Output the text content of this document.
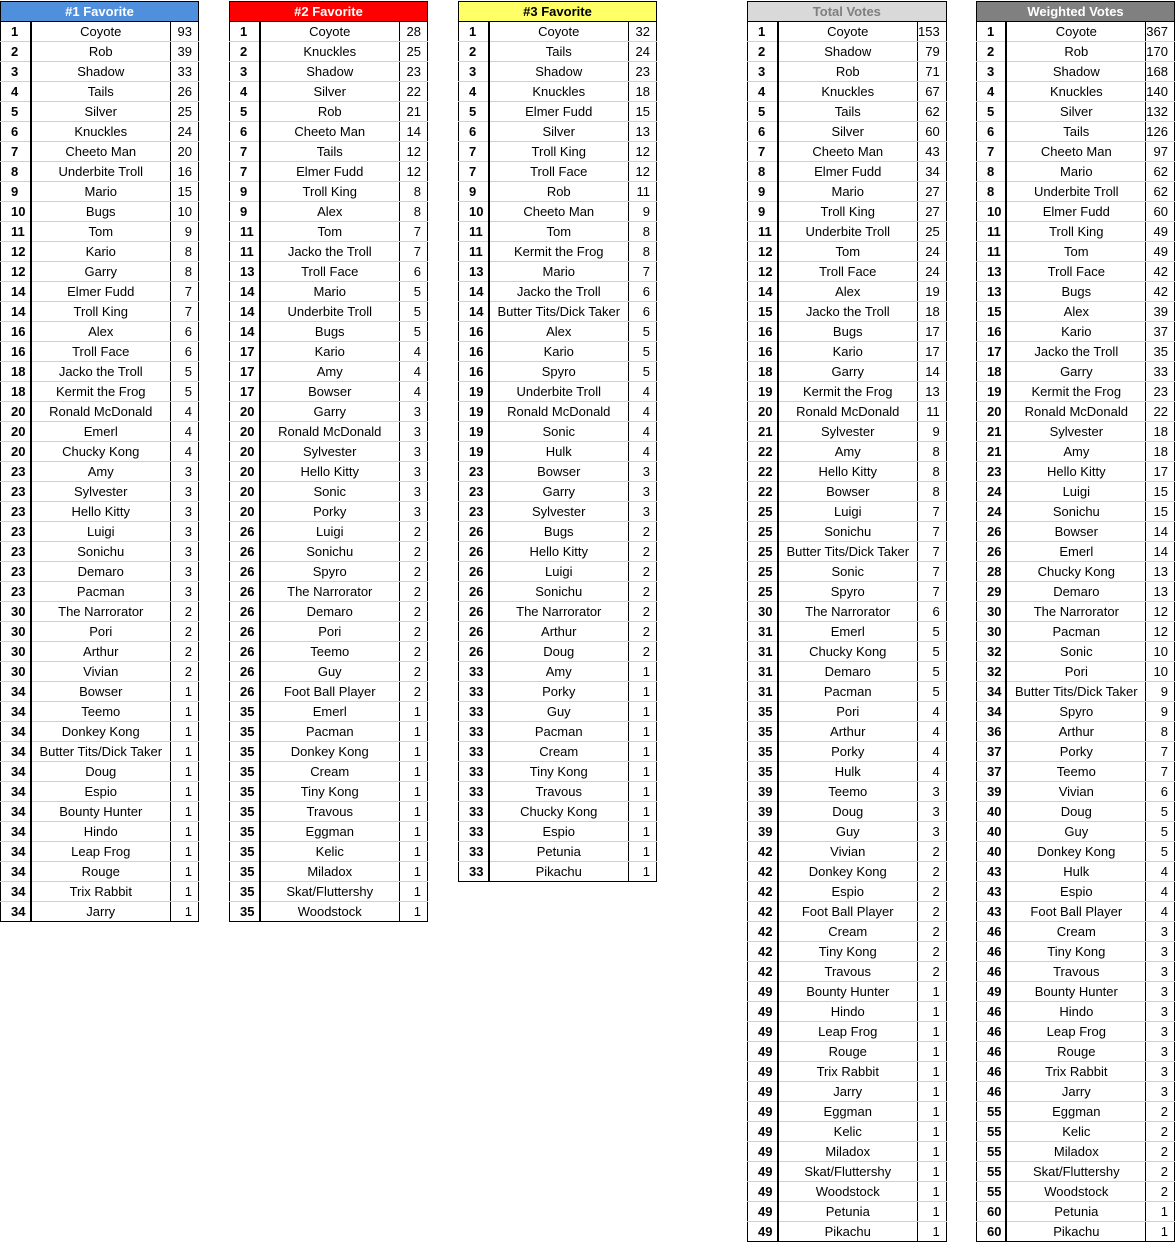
#1 Favorite		
1	Coyote	93
2	Rob	39
3	Shadow	33
4	Tails	26
5	Silver	25
6	Knuckles	24
7	Cheeto Man	20
8	Underbite Troll	16
9	Mario	15
10	Bugs	10
11	Tom	9
12	Kario	8
12	Garry	8
14	Elmer Fudd	7
14	Troll King	7
16	Alex	6
16	Troll Face	6
18	Jacko the Troll	5
18	Kermit the Frog	5
20	Ronald McDonald	4
20	Emerl	4
20	Chucky Kong	4
23	Amy	3
23	Sylvester	3
23	Hello Kitty	3
23	Luigi	3
23	Sonichu	3
23	Demaro	3
23	Pacman	3
30	The Narrorator	2
30	Pori	2
30	Arthur	2
30	Vivian	2
34	Bowser	1
34	Teemo	1
34	Donkey Kong	1
34	Butter Tits/Dick Taker	1
34	Doug	1
34	Espio	1
34	Bounty Hunter	1
34	Hindo	1
34	Leap Frog	1
34	Rouge	1
34	Trix Rabbit	1
34	Jarry	1
#2 Favorite		
1	Coyote	28
2	Knuckles	25
3	Shadow	23
4	Silver	22
5	Rob	21
6	Cheeto Man	14
7	Tails	12
7	Elmer Fudd	12
9	Troll King	8
9	Alex	8
11	Tom	7
11	Jacko the Troll	7
13	Troll Face	6
14	Mario	5
14	Underbite Troll	5
14	Bugs	5
17	Kario	4
17	Amy	4
17	Bowser	4
20	Garry	3
20	Ronald McDonald	3
20	Sylvester	3
20	Hello Kitty	3
20	Sonic	3
20	Porky	3
26	Luigi	2
26	Sonichu	2
26	Spyro	2
26	The Narrorator	2
26	Demaro	2
26	Pori	2
26	Teemo	2
26	Guy	2
26	Foot Ball Player	2
35	Emerl	1
35	Pacman	1
35	Donkey Kong	1
35	Cream	1
35	Tiny Kong	1
35	Travous	1
35	Eggman	1
35	Kelic	1
35	Miladox	1
35	Skat/Fluttershy	1
35	Woodstock	1
#3 Favorite		
1	Coyote	32
2	Tails	24
3	Shadow	23
4	Knuckles	18
5	Elmer Fudd	15
6	Silver	13
7	Troll King	12
7	Troll Face	12
9	Rob	11
10	Cheeto Man	9
11	Tom	8
11	Kermit the Frog	8
13	Mario	7
14	Jacko the Troll	6
14	Butter Tits/Dick Taker	6
16	Alex	5
16	Kario	5
16	Spyro	5
19	Underbite Troll	4
19	Ronald McDonald	4
19	Sonic	4
19	Hulk	4
23	Bowser	3
23	Garry	3
23	Sylvester	3
26	Bugs	2
26	Hello Kitty	2
26	Luigi	2
26	Sonichu	2
26	The Narrorator	2
26	Arthur	2
26	Doug	2
33	Amy	1
33	Porky	1
33	Guy	1
33	Pacman	1
33	Cream	1
33	Tiny Kong	1
33	Travous	1
33	Chucky Kong	1
33	Espio	1
33	Petunia	1
33	Pikachu	1
Total Votes		
1	Coyote	153
2	Shadow	79
3	Rob	71
4	Knuckles	67
5	Tails	62
6	Silver	60
7	Cheeto Man	43
8	Elmer Fudd	34
9	Mario	27
9	Troll King	27
11	Underbite Troll	25
12	Tom	24
12	Troll Face	24
14	Alex	19
15	Jacko the Troll	18
16	Bugs	17
16	Kario	17
18	Garry	14
19	Kermit the Frog	13
20	Ronald McDonald	11
21	Sylvester	9
22	Amy	8
22	Hello Kitty	8
22	Bowser	8
25	Luigi	7
25	Sonichu	7
25	Butter Tits/Dick Taker	7
25	Sonic	7
25	Spyro	7
30	The Narrorator	6
31	Emerl	5
31	Chucky Kong	5
31	Demaro	5
31	Pacman	5
35	Pori	4
35	Arthur	4
35	Porky	4
35	Hulk	4
39	Teemo	3
39	Doug	3
39	Guy	3
42	Vivian	2
42	Donkey Kong	2
42	Espio	2
42	Foot Ball Player	2
42	Cream	2
42	Tiny Kong	2
42	Travous	2
49	Bounty Hunter	1
49	Hindo	1
49	Leap Frog	1
49	Rouge	1
49	Trix Rabbit	1
49	Jarry	1
49	Eggman	1
49	Kelic	1
49	Miladox	1
49	Skat/Fluttershy	1
49	Woodstock	1
49	Petunia	1
49	Pikachu	1
Weighted Votes		
1	Coyote	367
2	Rob	170
3	Shadow	168
4	Knuckles	140
5	Silver	132
6	Tails	126
7	Cheeto Man	97
8	Mario	62
8	Underbite Troll	62
10	Elmer Fudd	60
11	Troll King	49
11	Tom	49
13	Troll Face	42
13	Bugs	42
15	Alex	39
16	Kario	37
17	Jacko the Troll	35
18	Garry	33
19	Kermit the Frog	23
20	Ronald McDonald	22
21	Sylvester	18
21	Amy	18
23	Hello Kitty	17
24	Luigi	15
24	Sonichu	15
26	Bowser	14
26	Emerl	14
28	Chucky Kong	13
29	Demaro	13
30	The Narrorator	12
30	Pacman	12
32	Sonic	10
32	Pori	10
34	Butter Tits/Dick Taker	9
34	Spyro	9
36	Arthur	8
37	Porky	7
37	Teemo	7
39	Vivian	6
40	Doug	5
40	Guy	5
40	Donkey Kong	5
43	Hulk	4
43	Espio	4
43	Foot Ball Player	4
46	Cream	3
46	Tiny Kong	3
46	Travous	3
49	Bounty Hunter	3
46	Hindo	3
46	Leap Frog	3
46	Rouge	3
46	Trix Rabbit	3
46	Jarry	3
55	Eggman	2
55	Kelic	2
55	Miladox	2
55	Skat/Fluttershy	2
55	Woodstock	2
60	Petunia	1
60	Pikachu	1
